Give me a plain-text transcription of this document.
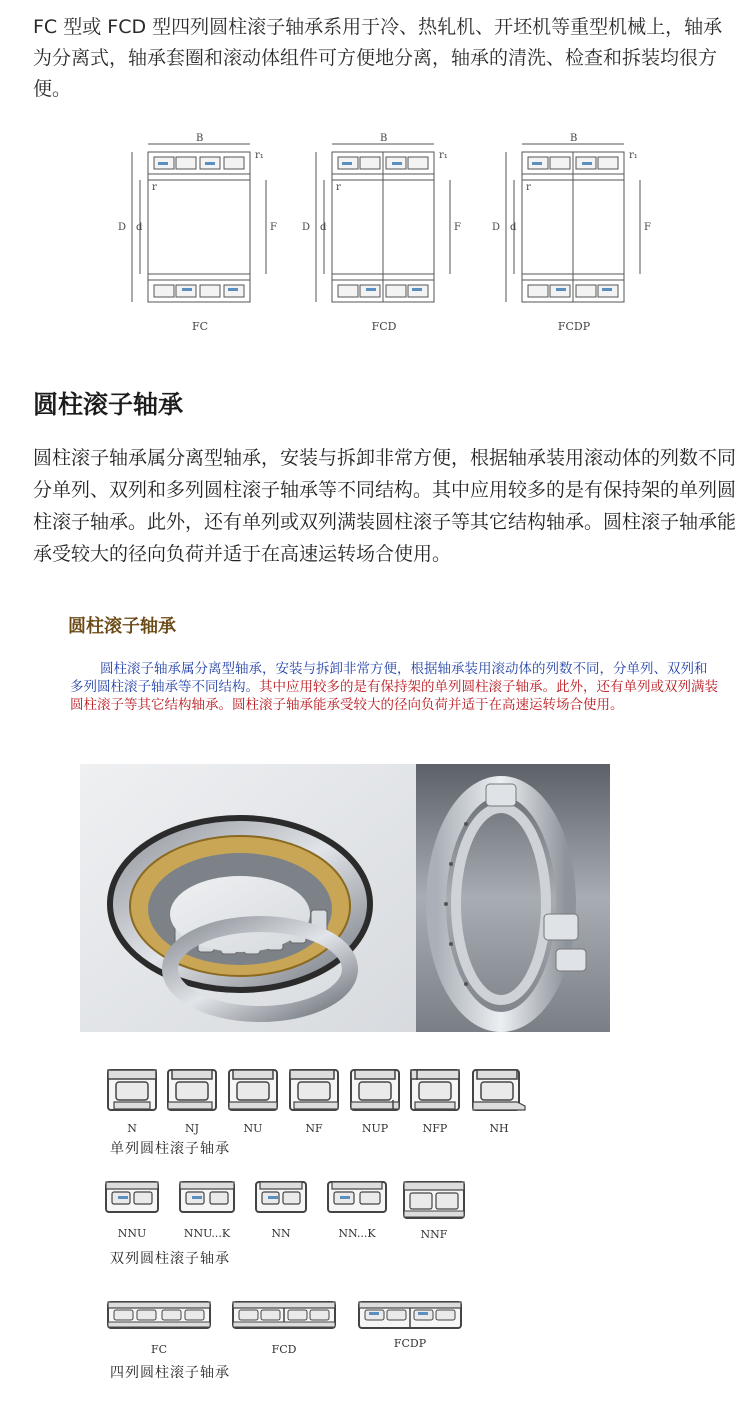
FC 型或 FCD 型四列圆柱滚子轴承系用于冷、热轧机、开坯机等重型机械上，轴承为分离式，轴承套圈和滚动体组件可方便地分离，轴承的清洗、检查和拆装均很方便。
B
r₁
r
D d	F
FC
B
r₁
r
D d	F
FCD
B
r₁
r
D d	F
FCDP
圆柱滚子轴承
圆柱滚子轴承属分离型轴承，安装与拆卸非常方便，根据轴承装用滚动体的列数不同分单列、双列和多列圆柱滚子轴承等不同结构。其中应用较多的是有保持架的单列圆柱滚子轴承。此外，还有单列或双列满装圆柱滚子等其它结构轴承。圆柱滚子轴承能承受较大的径向负荷并适于在高速运转场合使用。
圆柱滚子轴承
圆柱滚子轴承属分离型轴承，安装与拆卸非常方便，根据轴承装用滚动体的列数不同，分单列、双列和多列圆柱滚子轴承等不同结构。其中应用较多的是有保持架的单列圆柱滚子轴承。此外，还有单列或双列满装圆柱滚子等其它结构轴承。圆柱滚子轴承能承受较大的径向负荷并适于在高速运转场合使用。
N	NJ	NU	NF	NUP	NFP	NH
单列圆柱滚子轴承
NNU	NNU...K	NN	NN...K	NNF
双列圆柱滚子轴承
FC	FCD	FCDP
四列圆柱滚子轴承
